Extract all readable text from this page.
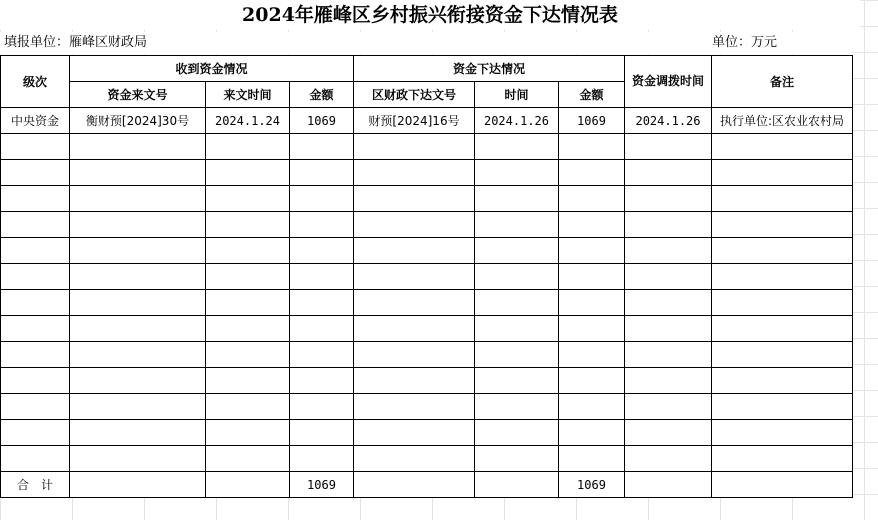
2024年雁峰区乡村振兴衔接资金下达情况表
填报单位：雁峰区财政局	单位：万元
级次	收到资金情况			资金下达情况			资金调拨时间	备注
	资金来文号	来文时间	金额	区财政下达文号	时间	金额		
中央资金	衡财预[2024]30号	2024.1.24	1069	财预[2024]16号	2024.1.26	1069	2024.1.26	执行单位:区农业农村局

合　计			1069			1069		
